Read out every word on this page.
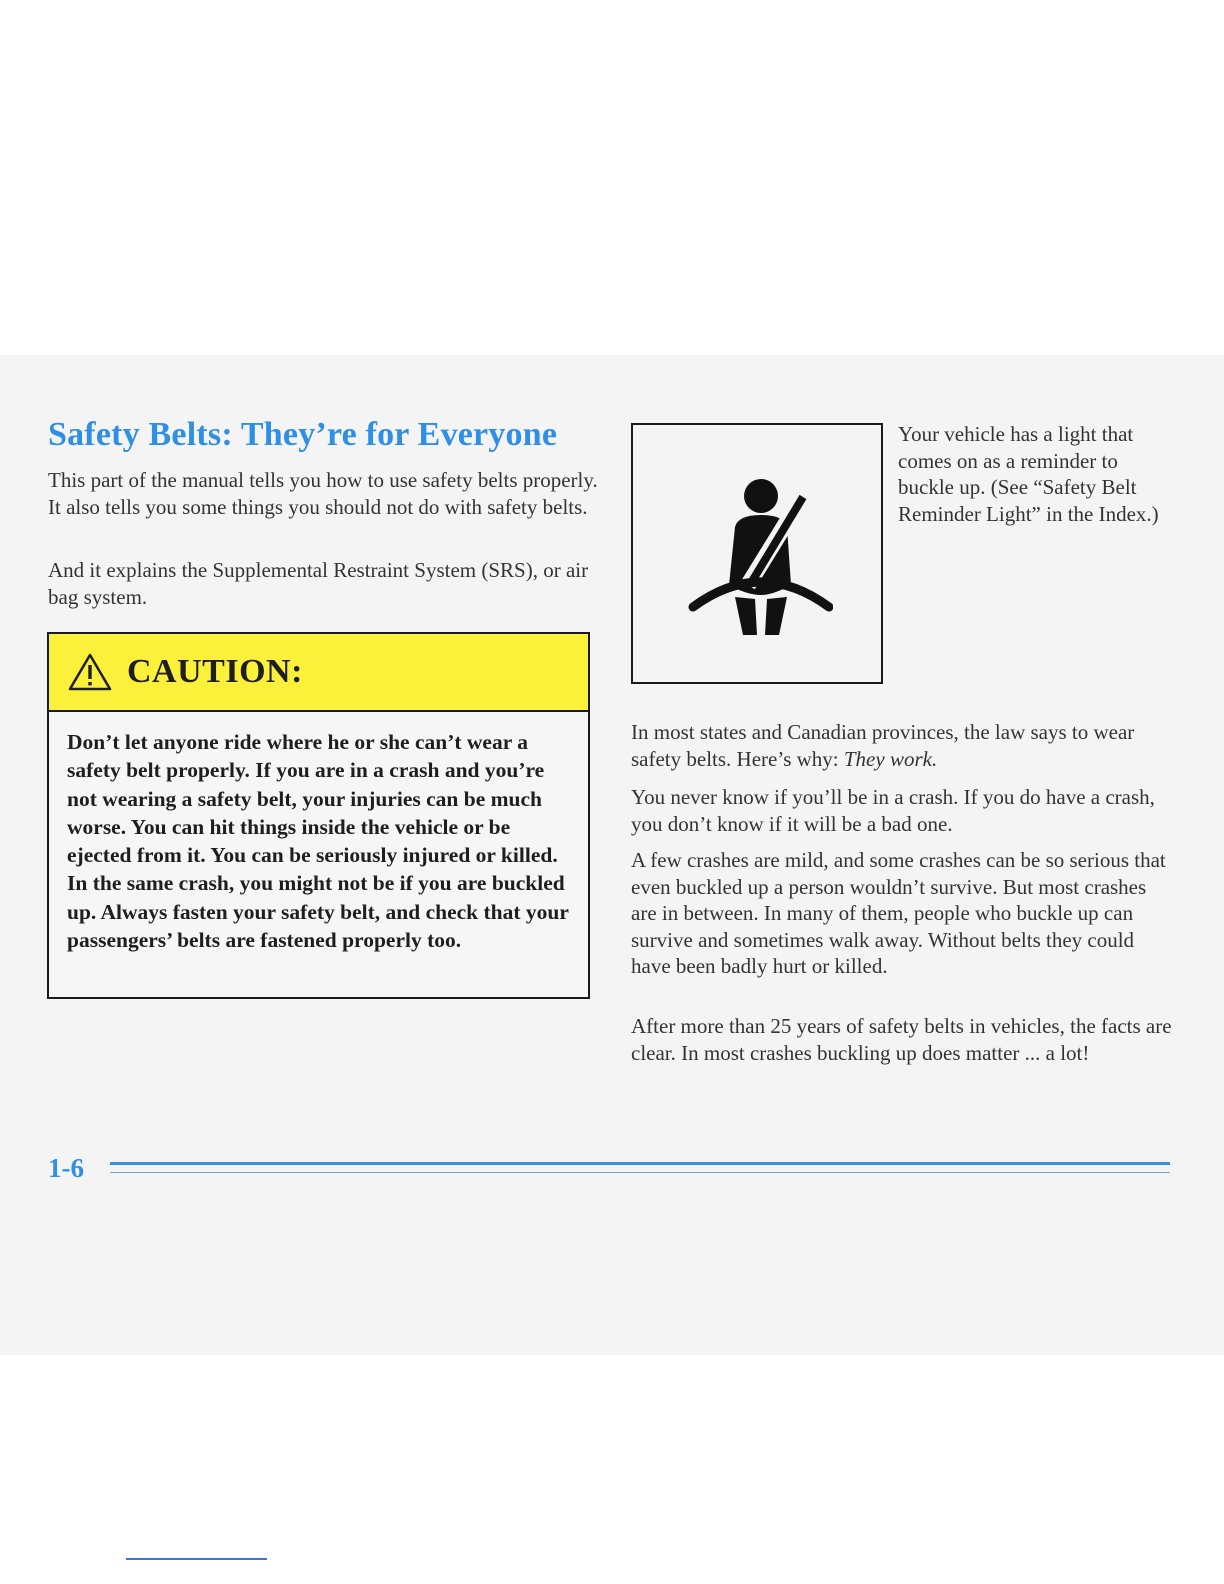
Safety Belts: They’re for Everyone

This part of the manual tells you how to use safety belts properly. It also tells you some things you should not do with safety belts.

And it explains the Supplemental Restraint System (SRS), or air bag system.

CAUTION:

Don’t let anyone ride where he or she can’t wear a safety belt properly. If you are in a crash and you’re not wearing a safety belt, your injuries can be much worse. You can hit things inside the vehicle or be ejected from it. You can be seriously injured or killed. In the same crash, you might not be if you are buckled up. Always fasten your safety belt, and check that your passengers’ belts are fastened properly too.

Your vehicle has a light that comes on as a reminder to buckle up. (See “Safety Belt Reminder Light” in the Index.)

In most states and Canadian provinces, the law says to wear safety belts. Here’s why: They work.

You never know if you’ll be in a crash. If you do have a crash, you don’t know if it will be a bad one.

A few crashes are mild, and some crashes can be so serious that even buckled up a person wouldn’t survive. But most crashes are in between. In many of them, people who buckle up can survive and sometimes walk away. Without belts they could have been badly hurt or killed.

After more than 25 years of safety belts in vehicles, the facts are clear. In most crashes buckling up does matter ... a lot!

1-6
